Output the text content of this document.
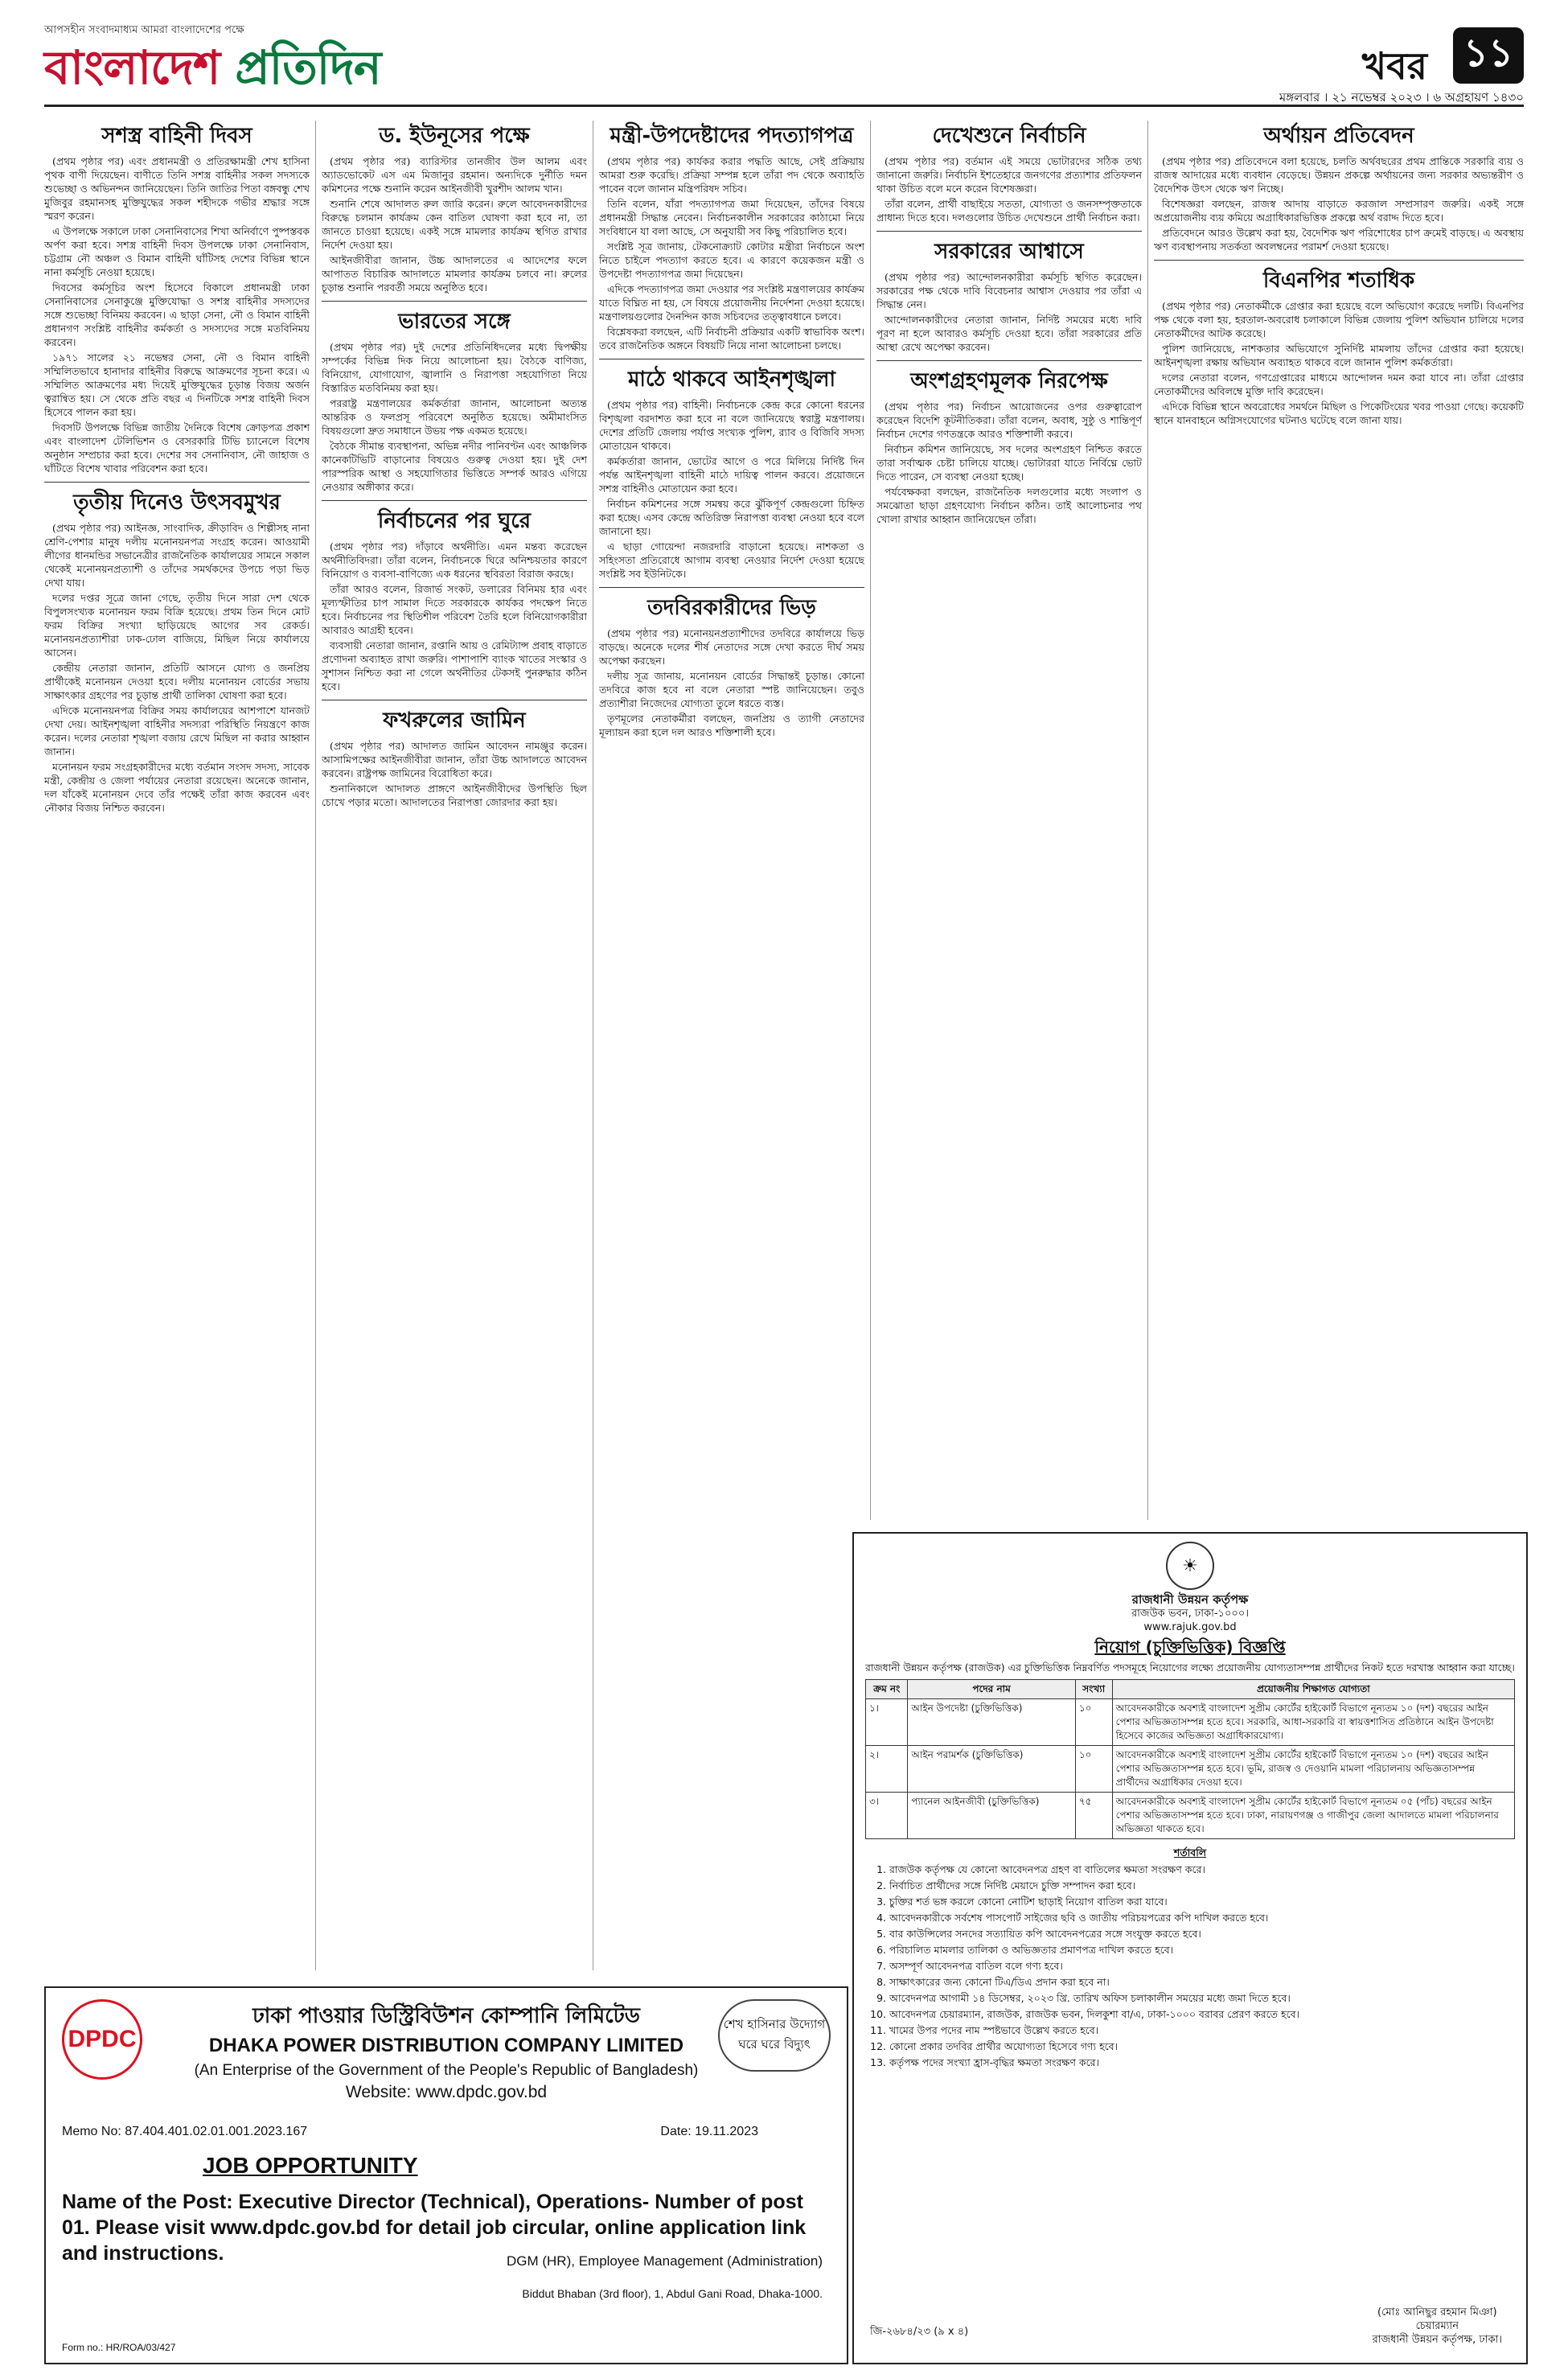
আপসহীন সংবাদমাধ্যম আমরা বাংলাদেশের পক্ষে
বাংলাদেশ প্রতিদিন	খবর ১১
মঙ্গলবার । ২১ নভেম্বর ২০২৩ । ৬ অগ্রহায়ণ ১৪৩০
সশস্ত্র বাহিনী দিবস

(প্রথম পৃষ্ঠার পর) এবং প্রধানমন্ত্রী ও প্রতিরক্ষামন্ত্রী শেখ হাসিনা পৃথক বাণী দিয়েছেন। বাণীতে তিনি সশস্ত্র বাহিনীর সকল সদস্যকে শুভেচ্ছা ও অভিনন্দন জানিয়েছেন। তিনি জাতির পিতা বঙ্গবন্ধু শেখ মুজিবুর রহমানসহ মুক্তিযুদ্ধের সকল শহীদকে গভীর শ্রদ্ধার সঙ্গে স্মরণ করেন।

এ উপলক্ষে সকালে ঢাকা সেনানিবাসের শিখা অনির্বাণে পুষ্পস্তবক অর্পণ করা হবে। সশস্ত্র বাহিনী দিবস উপলক্ষে ঢাকা সেনানিবাস, চট্টগ্রাম নৌ অঞ্চল ও বিমান বাহিনী ঘাঁটিসহ দেশের বিভিন্ন স্থানে নানা কর্মসূচি নেওয়া হয়েছে।

দিবসের কর্মসূচির অংশ হিসেবে বিকালে প্রধানমন্ত্রী ঢাকা সেনানিবাসের সেনাকুঞ্জে মুক্তিযোদ্ধা ও সশস্ত্র বাহিনীর সদস্যদের সঙ্গে শুভেচ্ছা বিনিময় করবেন। এ ছাড়া সেনা, নৌ ও বিমান বাহিনী প্রধানগণ সংশ্লিষ্ট বাহিনীর কর্মকর্তা ও সদস্যদের সঙ্গে মতবিনিময় করবেন।

১৯৭১ সালের ২১ নভেম্বর সেনা, নৌ ও বিমান বাহিনী সম্মিলিতভাবে হানাদার বাহিনীর বিরুদ্ধে আক্রমণের সূচনা করে। এ সম্মিলিত আক্রমণের মধ্য দিয়েই মুক্তিযুদ্ধের চূড়ান্ত বিজয় অর্জন ত্বরান্বিত হয়। সে থেকে প্রতি বছর এ দিনটিকে সশস্ত্র বাহিনী দিবস হিসেবে পালন করা হয়।

দিবসটি উপলক্ষে বিভিন্ন জাতীয় দৈনিকে বিশেষ ক্রোড়পত্র প্রকাশ এবং বাংলাদেশ টেলিভিশন ও বেসরকারি টিভি চ্যানেলে বিশেষ অনুষ্ঠান সম্প্রচার করা হবে। দেশের সব সেনানিবাস, নৌ জাহাজ ও ঘাঁটিতে বিশেষ খাবার পরিবেশন করা হবে।

তৃতীয় দিনেও উৎসবমুখর

(প্রথম পৃষ্ঠার পর) আইনজ্ঞ, সাংবাদিক, ক্রীড়াবিদ ও শিল্পীসহ নানা শ্রেণি-পেশার মানুষ দলীয় মনোনয়নপত্র সংগ্রহ করেন। আওয়ামী লীগের ধানমন্ডির সভানেত্রীর রাজনৈতিক কার্যালয়ের সামনে সকাল থেকেই মনোনয়নপ্রত্যাশী ও তাঁদের সমর্থকদের উপচে পড়া ভিড় দেখা যায়।

দলের দপ্তর সূত্রে জানা গেছে, তৃতীয় দিনে সারা দেশ থেকে বিপুলসংখ্যক মনোনয়ন ফরম বিক্রি হয়েছে। প্রথম তিন দিনে মোট ফরম বিক্রির সংখ্যা ছাড়িয়েছে আগের সব রেকর্ড। মনোনয়নপ্রত্যাশীরা ঢাক-ঢোল বাজিয়ে, মিছিল নিয়ে কার্যালয়ে আসেন।

কেন্দ্রীয় নেতারা জানান, প্রতিটি আসনে যোগ্য ও জনপ্রিয় প্রার্থীকেই মনোনয়ন দেওয়া হবে। দলীয় মনোনয়ন বোর্ডের সভায় সাক্ষাৎকার গ্রহণের পর চূড়ান্ত প্রার্থী তালিকা ঘোষণা করা হবে।

এদিকে মনোনয়নপত্র বিক্রির সময় কার্যালয়ের আশপাশে যানজট দেখা দেয়। আইনশৃঙ্খলা বাহিনীর সদস্যরা পরিস্থিতি নিয়ন্ত্রণে কাজ করেন। দলের নেতারা শৃঙ্খলা বজায় রেখে মিছিল না করার আহ্বান জানান।

মনোনয়ন ফরম সংগ্রহকারীদের মধ্যে বর্তমান সংসদ সদস্য, সাবেক মন্ত্রী, কেন্দ্রীয় ও জেলা পর্যায়ের নেতারা রয়েছেন। অনেকে জানান, দল যাঁকেই মনোনয়ন দেবে তাঁর পক্ষেই তাঁরা কাজ করবেন এবং নৌকার বিজয় নিশ্চিত করবেন।

ড. ইউনূসের পক্ষে

(প্রথম পৃষ্ঠার পর) ব্যারিস্টার তানজীব উল আলম এবং অ্যাডভোকেট এস এম মিজানুর রহমান। অন্যদিকে দুর্নীতি দমন কমিশনের পক্ষে শুনানি করেন আইনজীবী খুরশীদ আলম খান।

শুনানি শেষে আদালত রুল জারি করেন। রুলে আবেদনকারীদের বিরুদ্ধে চলমান কার্যক্রম কেন বাতিল ঘোষণা করা হবে না, তা জানতে চাওয়া হয়েছে। একই সঙ্গে মামলার কার্যক্রম স্থগিত রাখার নির্দেশ দেওয়া হয়।

আইনজীবীরা জানান, উচ্চ আদালতের এ আদেশের ফলে আপাতত বিচারিক আদালতে মামলার কার্যক্রম চলবে না। রুলের চূড়ান্ত শুনানি পরবর্তী সময়ে অনুষ্ঠিত হবে।

ভারতের সঙ্গে

(প্রথম পৃষ্ঠার পর) দুই দেশের প্রতিনিধিদলের মধ্যে দ্বিপক্ষীয় সম্পর্কের বিভিন্ন দিক নিয়ে আলোচনা হয়। বৈঠকে বাণিজ্য, বিনিয়োগ, যোগাযোগ, জ্বালানি ও নিরাপত্তা সহযোগিতা নিয়ে বিস্তারিত মতবিনিময় করা হয়।

পররাষ্ট্র মন্ত্রণালয়ের কর্মকর্তারা জানান, আলোচনা অত্যন্ত আন্তরিক ও ফলপ্রসূ পরিবেশে অনুষ্ঠিত হয়েছে। অমীমাংসিত বিষয়গুলো দ্রুত সমাধানে উভয় পক্ষ একমত হয়েছে।

বৈঠকে সীমান্ত ব্যবস্থাপনা, অভিন্ন নদীর পানিবণ্টন এবং আঞ্চলিক কানেকটিভিটি বাড়ানোর বিষয়েও গুরুত্ব দেওয়া হয়। দুই দেশ পারস্পরিক আস্থা ও সহযোগিতার ভিত্তিতে সম্পর্ক আরও এগিয়ে নেওয়ার অঙ্গীকার করে।

নির্বাচনের পর ঘুরে

(প্রথম পৃষ্ঠার পর) দাঁড়াবে অর্থনীতি। এমন মন্তব্য করেছেন অর্থনীতিবিদরা। তাঁরা বলেন, নির্বাচনকে ঘিরে অনিশ্চয়তার কারণে বিনিয়োগ ও ব্যবসা-বাণিজ্যে এক ধরনের স্থবিরতা বিরাজ করছে।

তাঁরা আরও বলেন, রিজার্ভ সংকট, ডলারের বিনিময় হার এবং মূল্যস্ফীতির চাপ সামাল দিতে সরকারকে কার্যকর পদক্ষেপ নিতে হবে। নির্বাচনের পর স্থিতিশীল পরিবেশ তৈরি হলে বিনিয়োগকারীরা আবারও আগ্রহী হবেন।

ব্যবসায়ী নেতারা জানান, রপ্তানি আয় ও রেমিট্যান্স প্রবাহ বাড়াতে প্রণোদনা অব্যাহত রাখা জরুরি। পাশাপাশি ব্যাংক খাতের সংস্কার ও সুশাসন নিশ্চিত করা না গেলে অর্থনীতির টেকসই পুনরুদ্ধার কঠিন হবে।

ফখরুলের জামিন

(প্রথম পৃষ্ঠার পর) আদালত জামিন আবেদন নামঞ্জুর করেন। আসামিপক্ষের আইনজীবীরা জানান, তাঁরা উচ্চ আদালতে আবেদন করবেন। রাষ্ট্রপক্ষ জামিনের বিরোধিতা করে।

শুনানিকালে আদালত প্রাঙ্গণে আইনজীবীদের উপস্থিতি ছিল চোখে পড়ার মতো। আদালতের নিরাপত্তা জোরদার করা হয়।

মন্ত্রী-উপদেষ্টাদের পদত্যাগপত্র

(প্রথম পৃষ্ঠার পর) কার্যকর করার পদ্ধতি আছে, সেই প্রক্রিয়ায় আমরা শুরু করেছি। প্রক্রিয়া সম্পন্ন হলে তাঁরা পদ থেকে অব্যাহতি পাবেন বলে জানান মন্ত্রিপরিষদ সচিব।

তিনি বলেন, যাঁরা পদত্যাগপত্র জমা দিয়েছেন, তাঁদের বিষয়ে প্রধানমন্ত্রী সিদ্ধান্ত নেবেন। নির্বাচনকালীন সরকারের কাঠামো নিয়ে সংবিধানে যা বলা আছে, সে অনুযায়ী সব কিছু পরিচালিত হবে।

সংশ্লিষ্ট সূত্র জানায়, টেকনোক্র্যাট কোটার মন্ত্রীরা নির্বাচনে অংশ নিতে চাইলে পদত্যাগ করতে হবে। এ কারণে কয়েকজন মন্ত্রী ও উপদেষ্টা পদত্যাগপত্র জমা দিয়েছেন।

এদিকে পদত্যাগপত্র জমা দেওয়ার পর সংশ্লিষ্ট মন্ত্রণালয়ের কার্যক্রম যাতে বিঘ্নিত না হয়, সে বিষয়ে প্রয়োজনীয় নির্দেশনা দেওয়া হয়েছে। মন্ত্রণালয়গুলোর দৈনন্দিন কাজ সচিবদের তত্ত্বাবধানে চলবে।

বিশ্লেষকরা বলছেন, এটি নির্বাচনী প্রক্রিয়ার একটি স্বাভাবিক অংশ। তবে রাজনৈতিক অঙ্গনে বিষয়টি নিয়ে নানা আলোচনা চলছে।

মাঠে থাকবে আইনশৃঙ্খলা

(প্রথম পৃষ্ঠার পর) বাহিনী। নির্বাচনকে কেন্দ্র করে কোনো ধরনের বিশৃঙ্খলা বরদাশত করা হবে না বলে জানিয়েছে স্বরাষ্ট্র মন্ত্রণালয়। দেশের প্রতিটি জেলায় পর্যাপ্ত সংখ্যক পুলিশ, র‍্যাব ও বিজিবি সদস্য মোতায়েন থাকবে।

কর্মকর্তারা জানান, ভোটের আগে ও পরে মিলিয়ে নির্দিষ্ট দিন পর্যন্ত আইনশৃঙ্খলা বাহিনী মাঠে দায়িত্ব পালন করবে। প্রয়োজনে সশস্ত্র বাহিনীও মোতায়েন করা হবে।

নির্বাচন কমিশনের সঙ্গে সমন্বয় করে ঝুঁকিপূর্ণ কেন্দ্রগুলো চিহ্নিত করা হচ্ছে। এসব কেন্দ্রে অতিরিক্ত নিরাপত্তা ব্যবস্থা নেওয়া হবে বলে জানানো হয়।

এ ছাড়া গোয়েন্দা নজরদারি বাড়ানো হয়েছে। নাশকতা ও সহিংসতা প্রতিরোধে আগাম ব্যবস্থা নেওয়ার নির্দেশ দেওয়া হয়েছে সংশ্লিষ্ট সব ইউনিটকে।

তদবিরকারীদের ভিড়

(প্রথম পৃষ্ঠার পর) মনোনয়নপ্রত্যাশীদের তদবিরে কার্যালয়ে ভিড় বাড়ছে। অনেকে দলের শীর্ষ নেতাদের সঙ্গে দেখা করতে দীর্ঘ সময় অপেক্ষা করছেন।

দলীয় সূত্র জানায়, মনোনয়ন বোর্ডের সিদ্ধান্তই চূড়ান্ত। কোনো তদবিরে কাজ হবে না বলে নেতারা স্পষ্ট জানিয়েছেন। তবুও প্রত্যাশীরা নিজেদের যোগ্যতা তুলে ধরতে ব্যস্ত।

তৃণমূলের নেতাকর্মীরা বলছেন, জনপ্রিয় ও ত্যাগী নেতাদের মূল্যায়ন করা হলে দল আরও শক্তিশালী হবে।

দেখেশুনে নির্বাচনি

(প্রথম পৃষ্ঠার পর) বর্তমান এই সময়ে ভোটারদের সঠিক তথ্য জানানো জরুরি। নির্বাচনি ইশতেহারে জনগণের প্রত্যাশার প্রতিফলন থাকা উচিত বলে মনে করেন বিশেষজ্ঞরা।

তাঁরা বলেন, প্রার্থী বাছাইয়ে সততা, যোগ্যতা ও জনসম্পৃক্ততাকে প্রাধান্য দিতে হবে। দলগুলোর উচিত দেখেশুনে প্রার্থী নির্বাচন করা।

সরকারের আশ্বাসে

(প্রথম পৃষ্ঠার পর) আন্দোলনকারীরা কর্মসূচি স্থগিত করেছেন। সরকারের পক্ষ থেকে দাবি বিবেচনার আশ্বাস দেওয়ার পর তাঁরা এ সিদ্ধান্ত নেন।

আন্দোলনকারীদের নেতারা জানান, নির্দিষ্ট সময়ের মধ্যে দাবি পূরণ না হলে আবারও কর্মসূচি দেওয়া হবে। তাঁরা সরকারের প্রতি আস্থা রেখে অপেক্ষা করবেন।

অংশগ্রহণমূলক নিরপেক্ষ

(প্রথম পৃষ্ঠার পর) নির্বাচন আয়োজনের ওপর গুরুত্বারোপ করেছেন বিদেশি কূটনীতিকরা। তাঁরা বলেন, অবাধ, সুষ্ঠু ও শান্তিপূর্ণ নির্বাচন দেশের গণতন্ত্রকে আরও শক্তিশালী করবে।

নির্বাচন কমিশন জানিয়েছে, সব দলের অংশগ্রহণ নিশ্চিত করতে তারা সর্বাত্মক চেষ্টা চালিয়ে যাচ্ছে। ভোটাররা যাতে নির্বিঘ্নে ভোট দিতে পারেন, সে ব্যবস্থা নেওয়া হচ্ছে।

পর্যবেক্ষকরা বলছেন, রাজনৈতিক দলগুলোর মধ্যে সংলাপ ও সমঝোতা ছাড়া গ্রহণযোগ্য নির্বাচন কঠিন। তাই আলোচনার পথ খোলা রাখার আহ্বান জানিয়েছেন তাঁরা।

অর্থায়ন প্রতিবেদন

(প্রথম পৃষ্ঠার পর) প্রতিবেদনে বলা হয়েছে, চলতি অর্থবছরের প্রথম প্রান্তিকে সরকারি ব্যয় ও রাজস্ব আদায়ের মধ্যে ব্যবধান বেড়েছে। উন্নয়ন প্রকল্পে অর্থায়নের জন্য সরকার অভ্যন্তরীণ ও বৈদেশিক উৎস থেকে ঋণ নিচ্ছে।

বিশেষজ্ঞরা বলছেন, রাজস্ব আদায় বাড়াতে করজাল সম্প্রসারণ জরুরি। একই সঙ্গে অপ্রয়োজনীয় ব্যয় কমিয়ে অগ্রাধিকারভিত্তিক প্রকল্পে অর্থ বরাদ্দ দিতে হবে।

প্রতিবেদনে আরও উল্লেখ করা হয়, বৈদেশিক ঋণ পরিশোধের চাপ ক্রমেই বাড়ছে। এ অবস্থায় ঋণ ব্যবস্থাপনায় সতর্কতা অবলম্বনের পরামর্শ দেওয়া হয়েছে।

বিএনপির শতাধিক

(প্রথম পৃষ্ঠার পর) নেতাকর্মীকে গ্রেপ্তার করা হয়েছে বলে অভিযোগ করেছে দলটি। বিএনপির পক্ষ থেকে বলা হয়, হরতাল-অবরোধ চলাকালে বিভিন্ন জেলায় পুলিশ অভিযান চালিয়ে দলের নেতাকর্মীদের আটক করেছে।

পুলিশ জানিয়েছে, নাশকতার অভিযোগে সুনির্দিষ্ট মামলায় তাঁদের গ্রেপ্তার করা হয়েছে। আইনশৃঙ্খলা রক্ষায় অভিযান অব্যাহত থাকবে বলে জানান পুলিশ কর্মকর্তারা।

দলের নেতারা বলেন, গণগ্রেপ্তারের মাধ্যমে আন্দোলন দমন করা যাবে না। তাঁরা গ্রেপ্তার নেতাকর্মীদের অবিলম্বে মুক্তি দাবি করেছেন।

এদিকে বিভিন্ন স্থানে অবরোধের সমর্থনে মিছিল ও পিকেটিংয়ের খবর পাওয়া গেছে। কয়েকটি স্থানে যানবাহনে অগ্নিসংযোগের ঘটনাও ঘটেছে বলে জানা যায়।

DPDC
শেখ হাসিনার উদ্যোগ ঘরে ঘরে বিদ্যুৎ
ঢাকা পাওয়ার ডিস্ট্রিবিউশন কোম্পানি লিমিটেড
DHAKA POWER DISTRIBUTION COMPANY LIMITED
(An Enterprise of the Government of the People's Republic of Bangladesh)
Website: www.dpdc.gov.bd
Memo No: 87.404.401.02.01.001.2023.167	Date: 19.11.2023
JOB OPPORTUNITY
Name of the Post: Executive Director (Technical), Operations- Number of post 01. Please visit www.dpdc.gov.bd for detail job circular, online application link and instructions.	DGM (HR), Employee Management (Administration)
Biddut Bhaban (3rd floor), 1, Abdul Gani Road, Dhaka-1000.
Form no.: HR/ROA/03/427
☀
রাজধানী উন্নয়ন কর্তৃপক্ষ
রাজউক ভবন, ঢাকা-১০০০।
www.rajuk.gov.bd
নিয়োগ (চুক্তিভিত্তিক) বিজ্ঞপ্তি

রাজধানী উন্নয়ন কর্তৃপক্ষ (রাজউক) এর চুক্তিভিত্তিক নিম্নবর্ণিত পদসমূহে নিয়োগের লক্ষ্যে প্রয়োজনীয় যোগ্যতাসম্পন্ন প্রার্থীদের নিকট হতে দরখাস্ত আহ্বান করা যাচ্ছে।

ক্রম নং	পদের নাম	সংখ্যা	প্রয়োজনীয় শিক্ষাগত যোগ্যতা
১।	আইন উপদেষ্টা (চুক্তিভিত্তিক)	১০	আবেদনকারীকে অবশ্যই বাংলাদেশ সুপ্রীম কোর্টের হাইকোর্ট বিভাগে নূন্যতম ১০ (দশ) বছরের আইন পেশার অভিজ্ঞতাসম্পন্ন হতে হবে। সরকারি, আধা-সরকারি বা স্বায়ত্তশাসিত প্রতিষ্ঠানে আইন উপদেষ্টা হিসেবে কাজের অভিজ্ঞতা অগ্রাধিকারযোগ্য।
২।	আইন পরামর্শক (চুক্তিভিত্তিক)	১০	আবেদনকারীকে অবশ্যই বাংলাদেশ সুপ্রীম কোর্টের হাইকোর্ট বিভাগে নূন্যতম ১০ (দশ) বছরের আইন পেশার অভিজ্ঞতাসম্পন্ন হতে হবে। ভূমি, রাজস্ব ও দেওয়ানি মামলা পরিচালনায় অভিজ্ঞতাসম্পন্ন প্রার্থীদের অগ্রাধিকার দেওয়া হবে।
৩।	প্যানেল আইনজীবী (চুক্তিভিত্তিক)	৭৫	আবেদনকারীকে অবশ্যই বাংলাদেশ সুপ্রীম কোর্টের হাইকোর্ট বিভাগে নূন্যতম ০৫ (পাঁচ) বছরের আইন পেশার অভিজ্ঞতাসম্পন্ন হতে হবে। ঢাকা, নারায়ণগঞ্জ ও গাজীপুর জেলা আদালতে মামলা পরিচালনার অভিজ্ঞতা থাকতে হবে।
শর্তাবলি
1. রাজউক কর্তৃপক্ষ যে কোনো আবেদনপত্র গ্রহণ বা বাতিলের ক্ষমতা সংরক্ষণ করে।
2. নির্বাচিত প্রার্থীদের সঙ্গে নির্দিষ্ট মেয়াদে চুক্তি সম্পাদন করা হবে।
3. চুক্তির শর্ত ভঙ্গ করলে কোনো নোটিশ ছাড়াই নিয়োগ বাতিল করা যাবে।
4. আবেদনকারীকে সর্বশেষ পাসপোর্ট সাইজের ছবি ও জাতীয় পরিচয়পত্রের কপি দাখিল করতে হবে।
5. বার কাউন্সিলের সনদের সত্যায়িত কপি আবেদনপত্রের সঙ্গে সংযুক্ত করতে হবে।
6. পরিচালিত মামলার তালিকা ও অভিজ্ঞতার প্রমাণপত্র দাখিল করতে হবে।
7. অসম্পূর্ণ আবেদনপত্র বাতিল বলে গণ্য হবে।
8. সাক্ষাৎকারের জন্য কোনো টিএ/ডিএ প্রদান করা হবে না।
9. আবেদনপত্র আগামী ১৪ ডিসেম্বর, ২০২৩ খ্রি. তারিখ অফিস চলাকালীন সময়ের মধ্যে জমা দিতে হবে।
10. আবেদনপত্র চেয়ারম্যান, রাজউক, রাজউক ভবন, দিলকুশা বা/এ, ঢাকা-১০০০ বরাবর প্রেরণ করতে হবে।
11. খামের উপর পদের নাম স্পষ্টভাবে উল্লেখ করতে হবে।
12. কোনো প্রকার তদবির প্রার্থীর অযোগ্যতা হিসেবে গণ্য হবে।
13. কর্তৃপক্ষ পদের সংখ্যা হ্রাস-বৃদ্ধির ক্ষমতা সংরক্ষণ করে।
জি-২৬৮৪/২৩ (৯ x ৪)
(মোঃ আনিছুর রহমান মিঞা)
চেয়ারম্যান
রাজধানী উন্নয়ন কর্তৃপক্ষ, ঢাকা।
